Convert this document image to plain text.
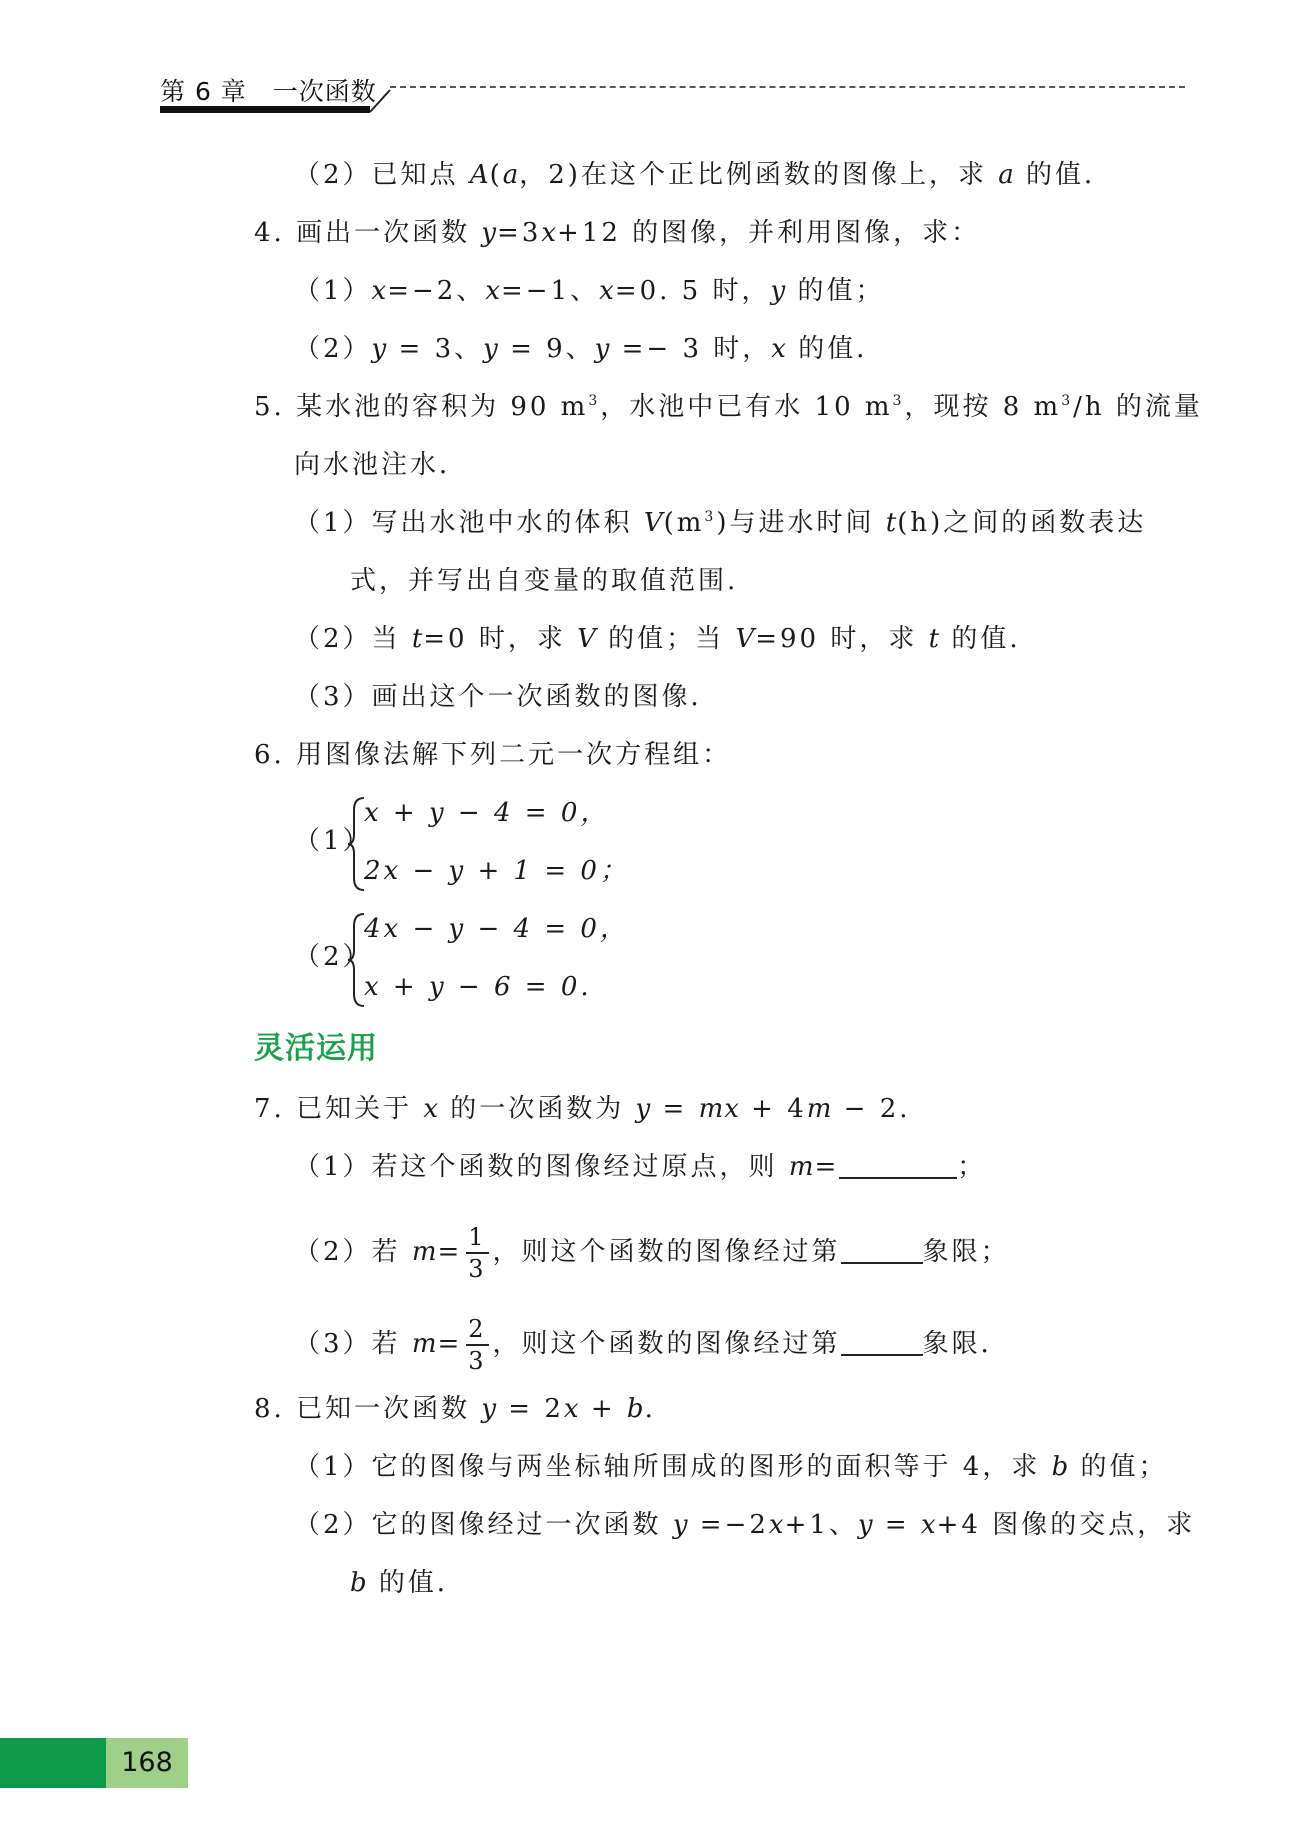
第 6 章　一次函数
（2）已知点 A(a，2)在这个正比例函数的图像上，求 a 的值．
4. 画出一次函数 y=3x+12 的图像，并利用图像，求：
（1）x=−2、x=−1、x=0. 5 时，y 的值；
（2）y = 3、y = 9、y =− 3 时，x 的值．
5. 某水池的容积为 90 $m^3$，水池中已有水 10 $m^3$，现按 8 $m^3/h$ 的流量
向水池注水．
（1）写出水池中水的体积 $V(m^3)$与进水时间 t(h)之间的函数表达
式，并写出自变量的取值范围.
（2）当 t=0 时，求 V 的值；当 V=90 时，求 t 的值.
（3）画出这个一次函数的图像．
6. 用图像法解下列二元一次方程组：
（1）
x + y − 4 = 0，
2x − y + 1 = 0；
（2）
4x − y − 4 = 0，
x + y − 6 = 0.
灵活运用
7. 已知关于 x 的一次函数为 y = mx + 4m − 2.
（1）若这个函数的图像经过原点，则 m=	；
（2）若 $m= \frac{1}{3}$ ，则这个函数的图像经过第	象限；
（3）若 $m= \frac{2}{3}$ ，则这个函数的图像经过第	象限．
8. 已知一次函数 y = 2x + b.
（1）它的图像与两坐标轴所围成的图形的面积等于 4，求 b 的值；
（2）它的图像经过一次函数 y =−2x+1、y = x+4 图像的交点，求
b 的值．
168
